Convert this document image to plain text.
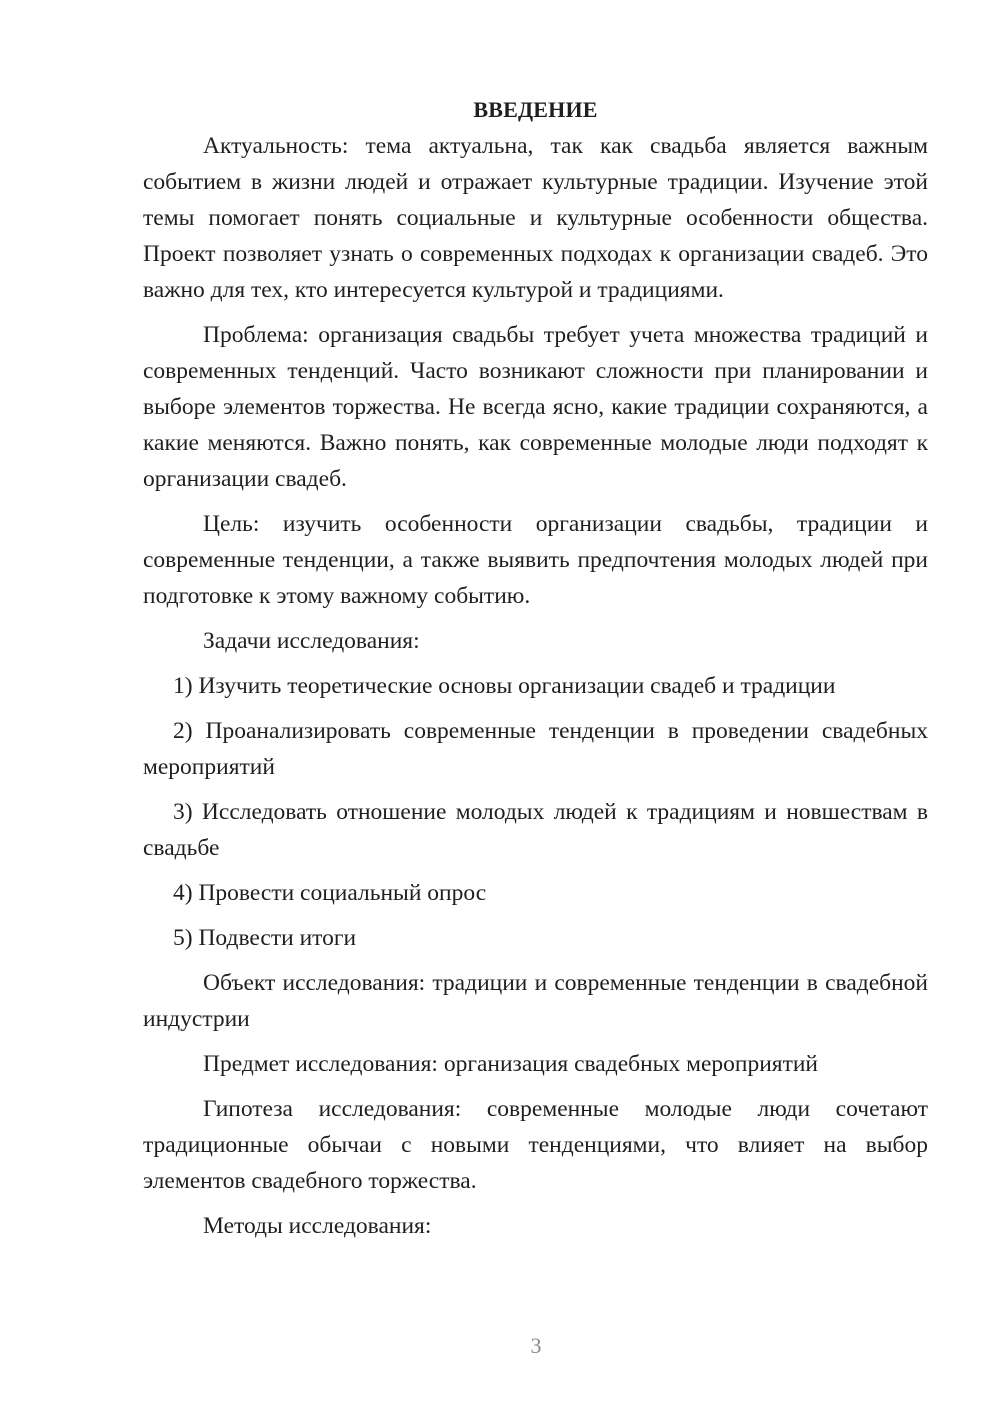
ВВЕДЕНИЕ

Актуальность: тема актуальна, так как свадьба является важным событием в жизни людей и отражает культурные традиции. Изучение этой темы помогает понять социальные и культурные особенности общества. Проект позволяет узнать о современных подходах к организации свадеб. Это важно для тех, кто интересуется культурой и традициями.

Проблема: организация свадьбы требует учета множества традиций и современных тенденций. Часто возникают сложности при планировании и выборе элементов торжества. Не всегда ясно, какие традиции сохраняются, а какие меняются. Важно понять, как современные молодые люди подходят к организации свадеб.

Цель: изучить особенности организации свадьбы, традиции и современные тенденции, а также выявить предпочтения молодых людей при подготовке к этому важному событию.

Задачи исследования:

1) Изучить теоретические основы организации свадеб и традиции

2) Проанализировать современные тенденции в проведении свадебных мероприятий

3) Исследовать отношение молодых людей к традициям и новшествам в свадьбе

4) Провести социальный опрос

5) Подвести итоги

Объект исследования: традиции и современные тенденции в свадебной индустрии

Предмет исследования: организация свадебных мероприятий

Гипотеза исследования: современные молодые люди сочетают традиционные обычаи с новыми тенденциями, что влияет на выбор элементов свадебного торжества.

Методы исследования:

3
